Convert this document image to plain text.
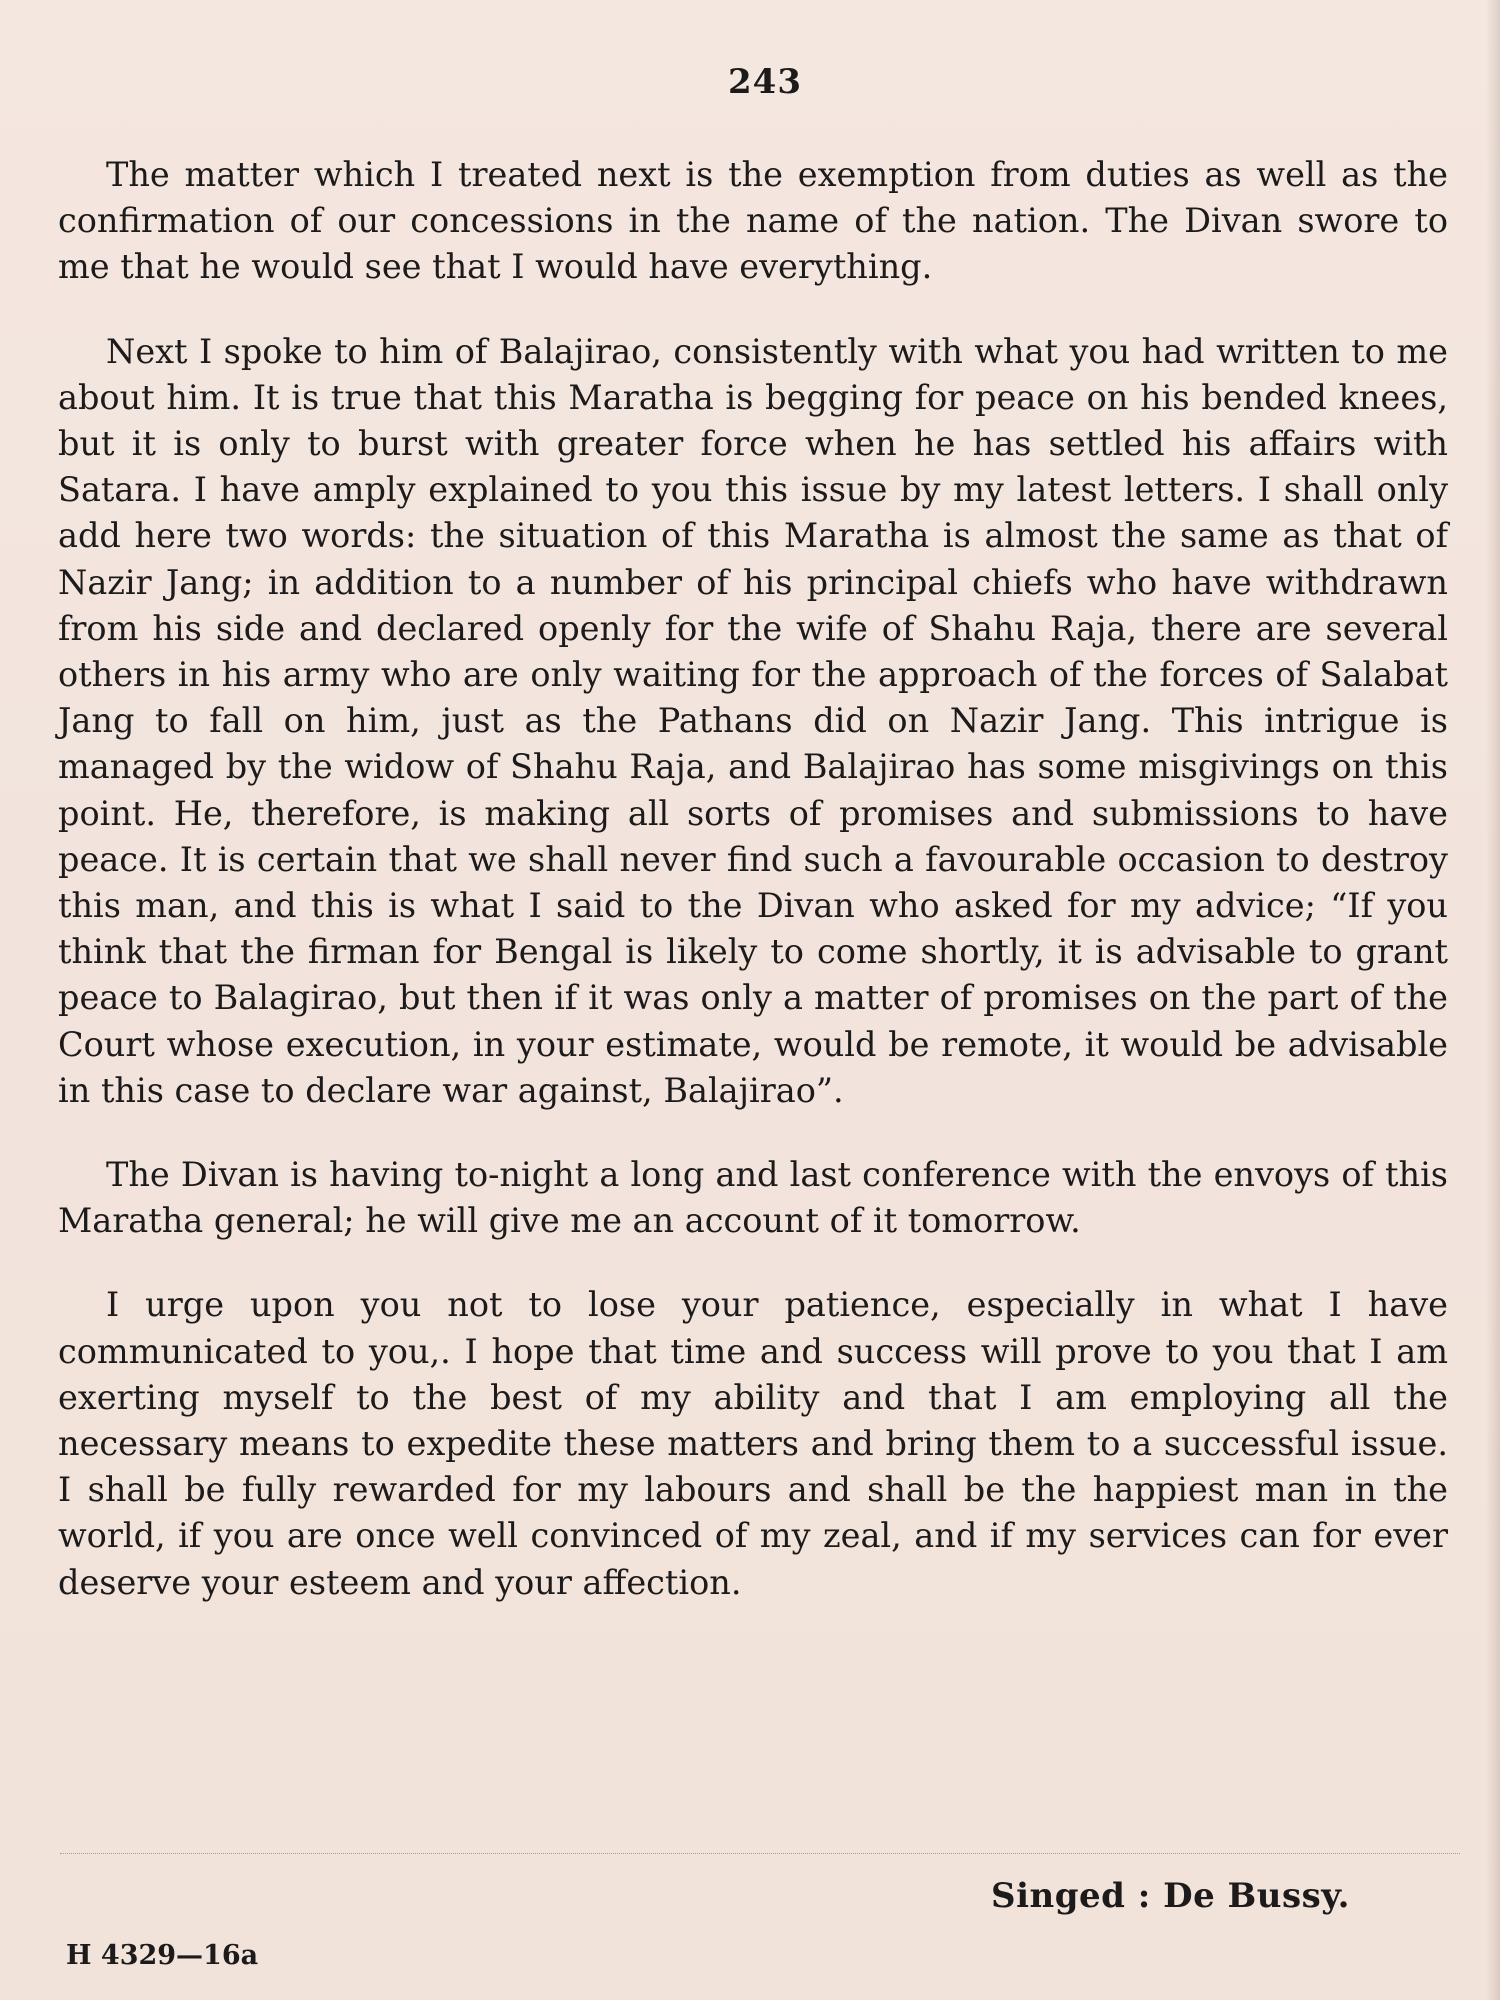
243

The matter which I treated next is the exemption from duties as well as the confirmation of our concessions in the name of the nation. The Divan swore to me that he would see that I would have everything.

Next I spoke to him of Balajirao, consistently with what you had written to me about him. It is true that this Maratha is begging for peace on his bended knees, but it is only to burst with greater force when he has settled his affairs with Satara. I have amply explained to you this issue by my latest letters. I shall only add here two words: the situation of this Maratha is almost the same as that of Nazir Jang; in addition to a number of his principal chiefs who have withdrawn from his side and declared openly for the wife of Shahu Raja, there are several others in his army who are only waiting for the approach of the forces of Salabat Jang to fall on him, just as the Pathans did on Nazir Jang. This intrigue is managed by the widow of Shahu Raja, and Balajirao has some misgivings on this point. He, therefore, is making all sorts of promises and submissions to have peace. It is certain that we shall never find such a favourable occasion to destroy this man, and this is what I said to the Divan who asked for my advice; “If you think that the firman for Bengal is likely to come shortly, it is advisable to grant peace to Balagirao, but then if it was only a matter of promises on the part of the Court whose execution, in your estimate, would be remote, it would be advisable in this case to declare war against, Balajirao”.

The Divan is having to-night a long and last conference with the envoys of this Maratha general; he will give me an account of it tomorrow.

I urge upon you not to lose your patience, especially in what I have communicated to you,. I hope that time and success will prove to you that I am exerting myself to the best of my ability and that I am employing all the necessary means to expedite these matters and bring them to a successful issue. I shall be fully rewarded for my labours and shall be the happiest man in the world, if you are once well convinced of my zeal, and if my services can for ever deserve your esteem and your affection.

Singed : De Bussy.
H 4329—16a
